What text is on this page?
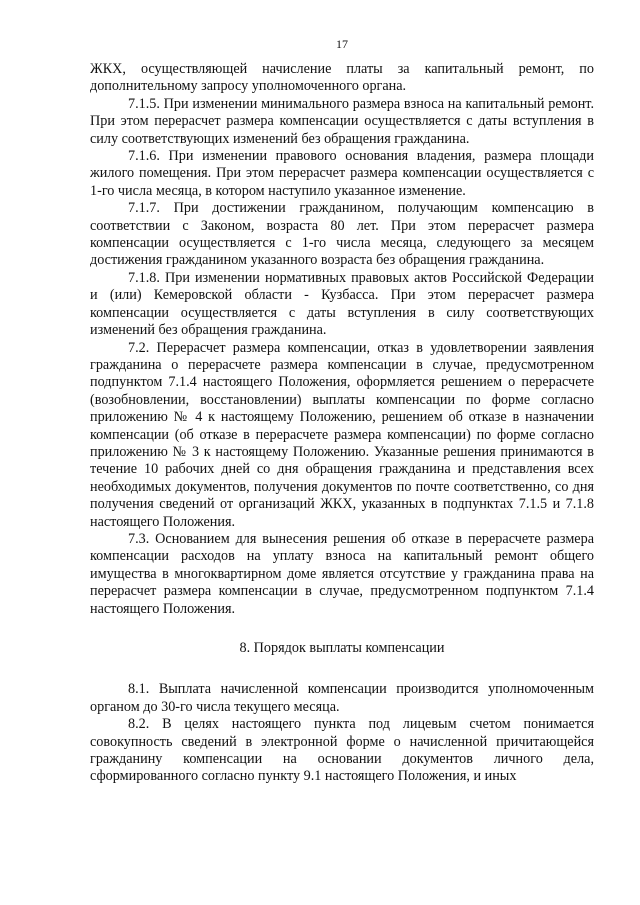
17

ЖКХ, осуществляющей начисление платы за капитальный ремонт, по дополнительному запросу уполномоченного органа.

7.1.5. При изменении минимального размера взноса на капитальный ремонт. При этом перерасчет размера компенсации осуществляется с даты вступления в силу соответствующих изменений без обращения гражданина.

7.1.6. При изменении правового основания владения, размера площади жилого помещения. При этом перерасчет размера компенсации осуществляется с 1-го числа месяца, в котором наступило указанное изменение.

7.1.7. При достижении гражданином, получающим компенсацию в соответствии с Законом, возраста 80 лет. При этом перерасчет размера компенсации осуществляется с 1-го числа месяца, следующего за месяцем достижения гражданином указанного возраста без обращения гражданина.

7.1.8. При изменении нормативных правовых актов Российской Федерации и (или) Кемеровской области - Кузбасса. При этом перерасчет размера компенсации осуществляется с даты вступления в силу соответствующих изменений без обращения гражданина.

7.2. Перерасчет размера компенсации, отказ в удовлетворении заявления гражданина о перерасчете размера компенсации в случае, предусмотренном подпунктом 7.1.4 настоящего Положения, оформляется решением о перерасчете (возобновлении, восстановлении) выплаты компенсации по форме согласно приложению № 4 к настоящему Положению, решением об отказе в назначении компенсации (об отказе в перерасчете размера компенсации) по форме согласно приложению № 3 к настоящему Положению. Указанные решения принимаются в течение 10 рабочих дней со дня обращения гражданина и представления всех необходимых документов, получения документов по почте соответственно, со дня получения сведений от организаций ЖКХ, указанных в подпунктах 7.1.5 и 7.1.8 настоящего Положения.

7.3. Основанием для вынесения решения об отказе в перерасчете размера компенсации расходов на уплату взноса на капитальный ремонт общего имущества в многоквартирном доме является отсутствие у гражданина права на перерасчет размера компенсации в случае, предусмотренном подпунктом 7.1.4 настоящего Положения.

8. Порядок выплаты компенсации

8.1. Выплата начисленной компенсации производится уполномоченным органом до 30-го числа текущего месяца.

8.2. В целях настоящего пункта под лицевым счетом понимается совокупность сведений в электронной форме о начисленной причитающейся гражданину компенсации на основании документов личного дела, сформированного согласно пункту 9.1 настоящего Положения, и иных
